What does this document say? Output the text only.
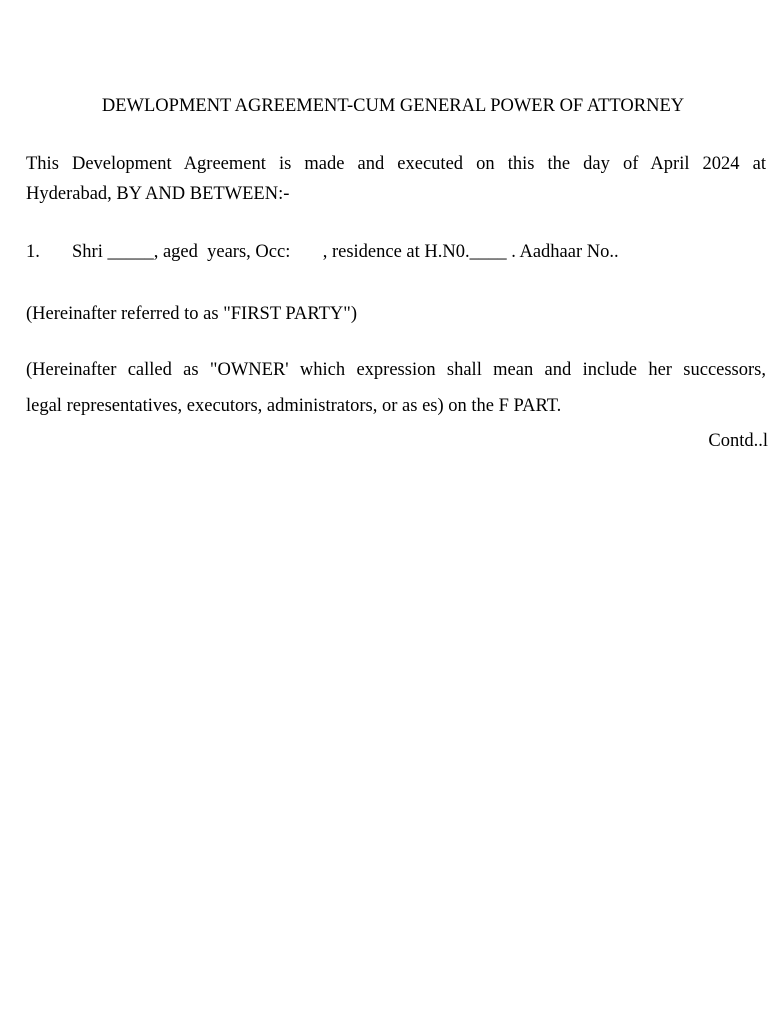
DEWLOPMENT AGREEMENT-CUM GENERAL POWER OF ATTORNEY
This Development Agreement is made and executed on this the day of April 2024 at
Hyderabad, BY AND BETWEEN:-
1. Shri _____, aged  years, Occ:       , residence at H.N0.____ . Aadhaar No..
(Hereinafter referred to as "FIRST PARTY")
(Hereinafter called as "OWNER' which expression shall mean and include her successors,
legal representatives, executors, administrators, or as es) on the F PART.
Contd..l
